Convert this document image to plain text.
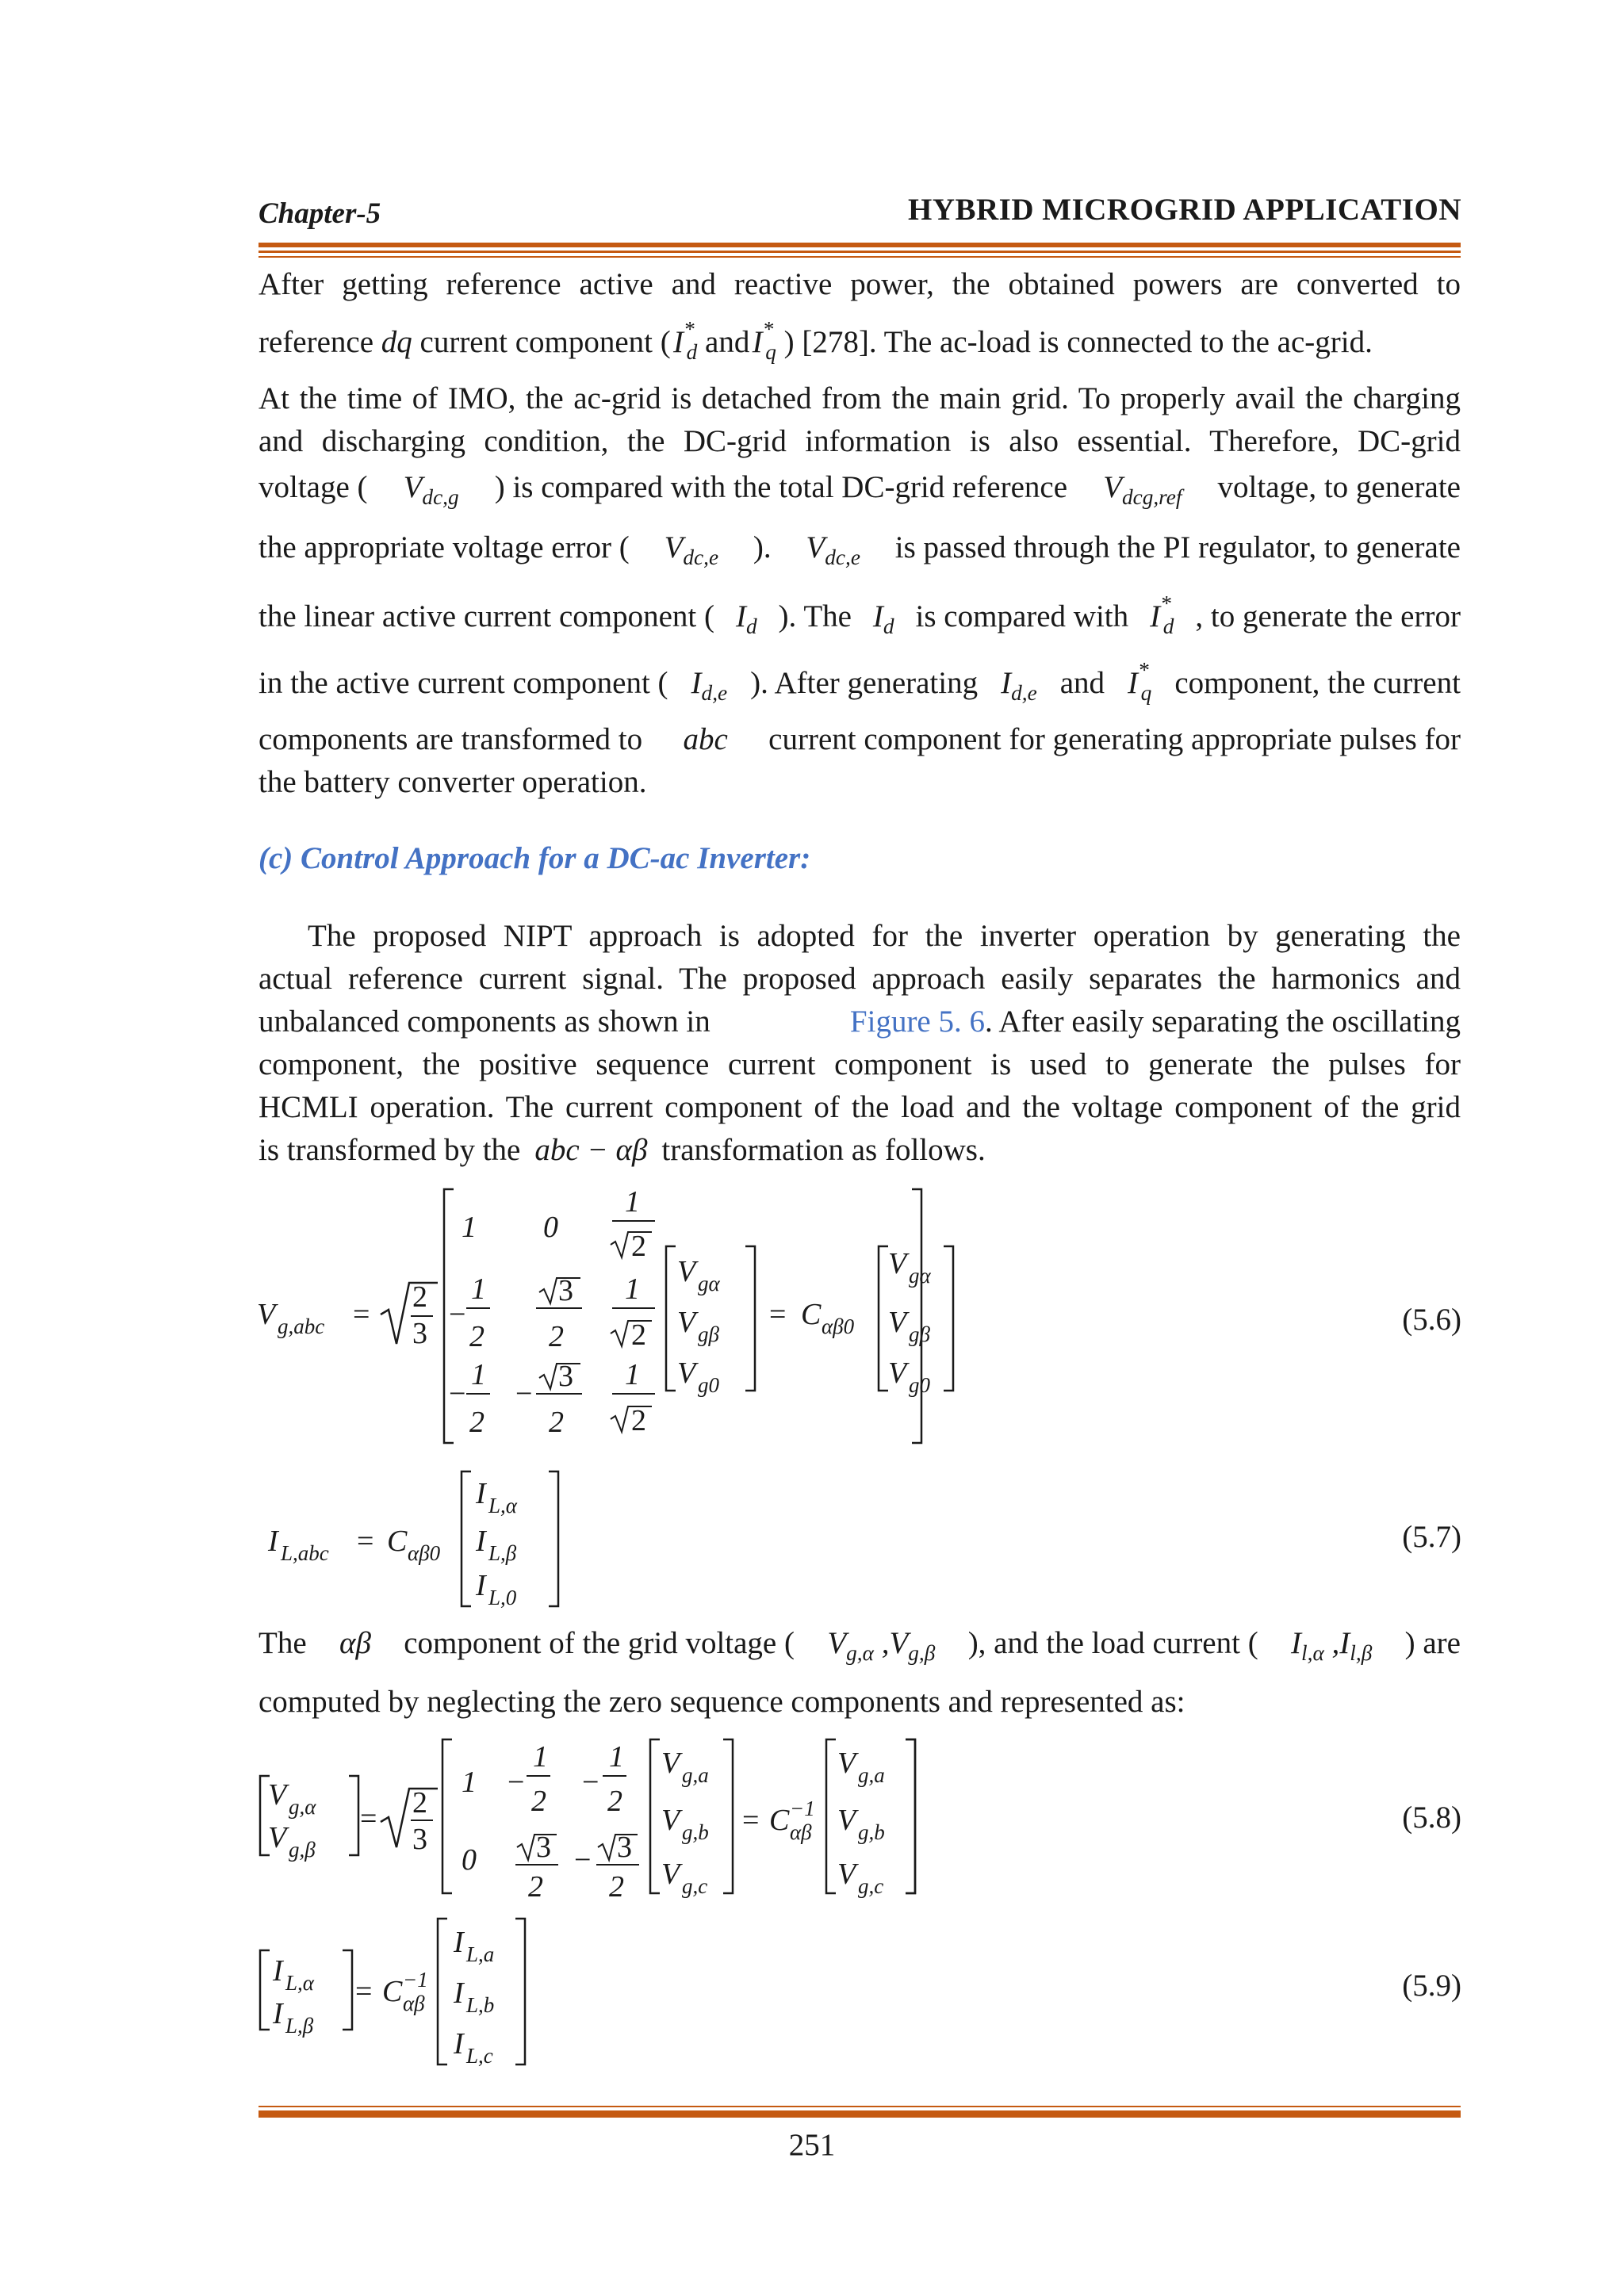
Chapter-5	HYBRID MICROGRID APPLICATION
After getting reference active and reactive power, the obtained powers are converted to
reference dq current component ( $I^*_d$ and $I^*_q$ ) [278]. The ac-load is connected to the ac-grid.
At the time of IMO, the ac-grid is detached from the main grid. To properly avail the charging
and discharging condition, the DC-grid information is also essential. Therefore, DC-grid
voltage ( $V_{dc,g}$ ) is compared with the total DC-grid reference $V_{dcg,ref}$ voltage, to generate
the appropriate voltage error ( $V_{dc,e}$ ). $V_{dc,e}$ is passed through the PI regulator, to generate
the linear active current component ( $I_d$ ). The $I_d$ is compared with $I^*_d$ , to generate the error
in the active current component ( $I_{d,e}$ ). After generating $I_{d,e}$ and $I^*_q$ component, the current
components are transformed to abc current component for generating appropriate pulses for
the battery converter operation.
(c) Control Approach for a DC-ac Inverter:
The proposed NIPT approach is adopted for the inverter operation by generating the
actual reference current signal. The proposed approach easily separates the harmonics and
unbalanced components as shown in	Figure 5. 6. After easily separating the oscillating
component, the positive sequence current component is used to generate the pulses for
HCMLI operation. The current component of the load and the voltage component of the grid
is transformed by the abc − αβ transformation as follows.
V g,abc =
2
3
1 0
1
2
−
1
2
3
2
1
2
−
1
2
−
3
2
1
2
V gα
V gβ
V g0
= C αβ0
V gα
V gβ
V g0
(5.6)
I L,abc = C αβ0
I L,α
I L,β
I L,0
(5.7)
The αβ component of the grid voltage ( $V_{g,\alpha}$ $,V_{g,\beta}$ ), and the load current ( $I_{l,\alpha}$ $,I_{l,\beta}$ ) are
computed by neglecting the zero sequence components and represented as:
V g,α
V g,β
= 2
3
1 −
1
2
−
1
2
0 3
2
− 3
2
V g,a
V g,b
V g,c
= C −1
αβ
V g,a
V g,b
V g,c
(5.8)
I L,α
I L,β
= C −1
αβ
I L,a
I L,b
I L,c
(5.9)
251
